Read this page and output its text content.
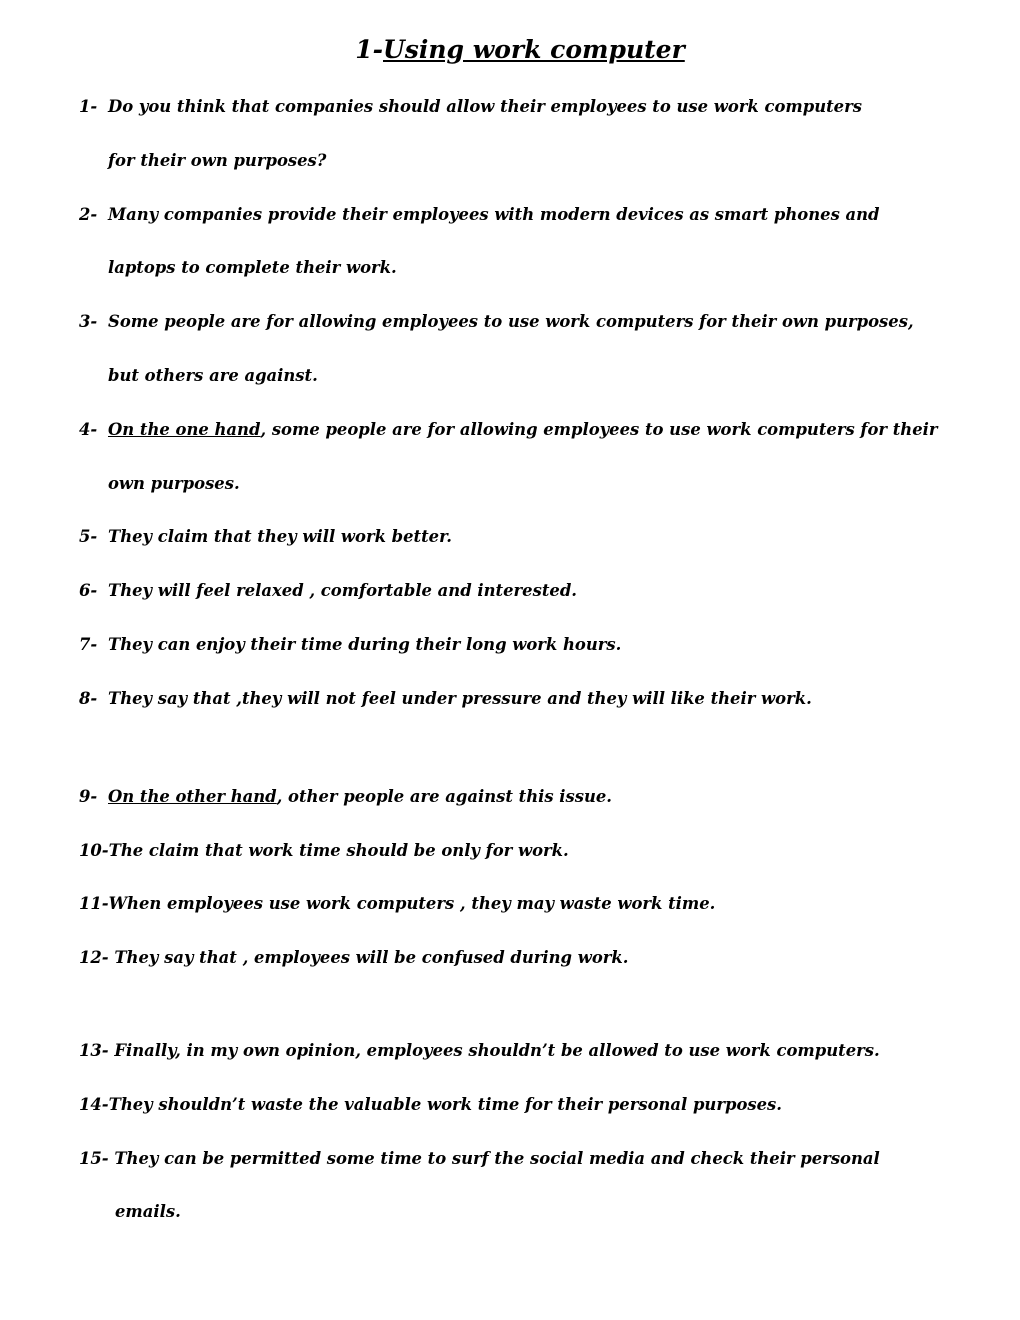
1-Using work computer
1- Do you think that companies should allow their employees to use work computers
for their own purposes?
2- Many companies provide their employees with modern devices as smart phones and
laptops to complete their work.
3- Some people are for allowing employees to use work computers for their own purposes,
but others are against.
4- On the one hand, some people are for allowing employees to use work computers for their
own purposes.
5- They claim that they will work better.
6- They will feel relaxed , comfortable and interested.
7- They can enjoy their time during their long work hours.
8- They say that ,they will not feel under pressure and they will like their work.
9- On the other hand, other people are against this issue.
10-The claim that work time should be only for work.
11-When employees use work computers , they may waste work time.
12- They say that , employees will be confused during work.
13- Finally, in my own opinion, employees shouldn’t be allowed to use work computers.
14-They shouldn’t waste the valuable work time for their personal purposes.
15- They can be permitted some time to surf the social media and check their personal
emails.
